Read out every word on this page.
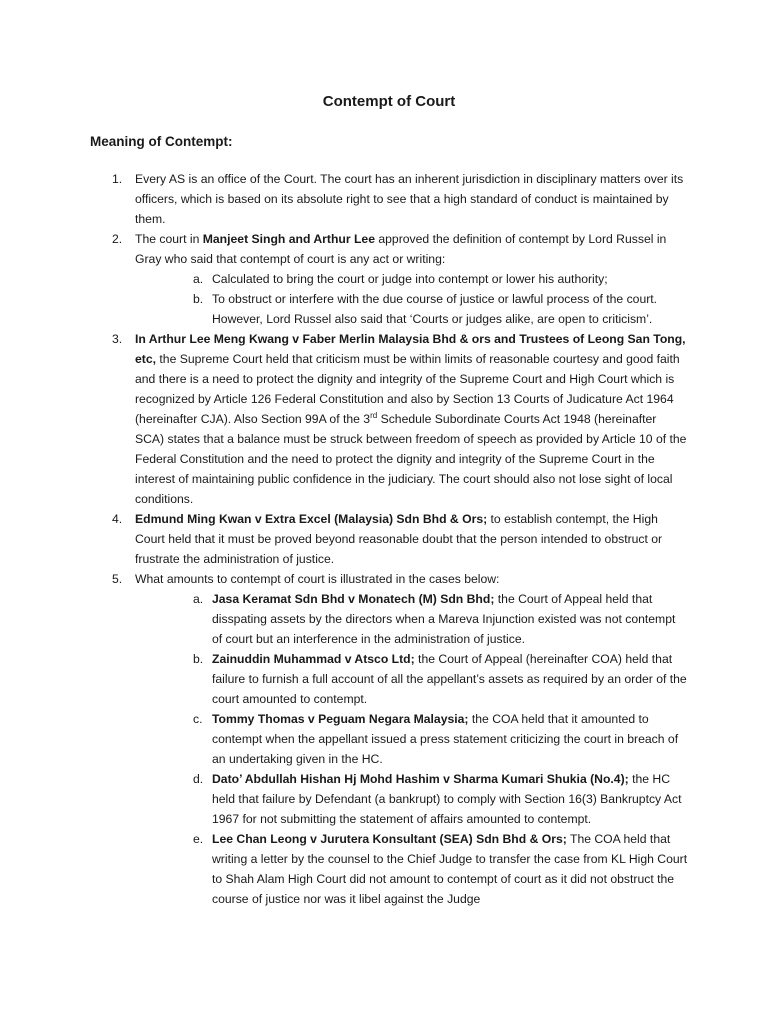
Contempt of Court
Meaning of Contempt:
1. Every AS is an office of the Court. The court has an inherent jurisdiction in disciplinary matters over its officers, which is based on its absolute right to see that a high standard of conduct is maintained by them.
2. The court in Manjeet Singh and Arthur Lee approved the definition of contempt by Lord Russel in Gray who said that contempt of court is any act or writing:
a. Calculated to bring the court or judge into contempt or lower his authority;
b. To obstruct or interfere with the due course of justice or lawful process of the court. However, Lord Russel also said that ‘Courts or judges alike, are open to criticism’.
3. In Arthur Lee Meng Kwang v Faber Merlin Malaysia Bhd & ors and Trustees of Leong San Tong, etc, the Supreme Court held that criticism must be within limits of reasonable courtesy and good faith and there is a need to protect the dignity and integrity of the Supreme Court and High Court which is recognized by Article 126 Federal Constitution and also by Section 13 Courts of Judicature Act 1964 (hereinafter CJA). Also Section 99A of the 3rd Schedule Subordinate Courts Act 1948 (hereinafter SCA) states that a balance must be struck between freedom of speech as provided by Article 10 of the Federal Constitution and the need to protect the dignity and integrity of the Supreme Court in the interest of maintaining public confidence in the judiciary. The court should also not lose sight of local conditions.
4. Edmund Ming Kwan v Extra Excel (Malaysia) Sdn Bhd & Ors; to establish contempt, the High Court held that it must be proved beyond reasonable doubt that the person intended to obstruct or frustrate the administration of justice.
5. What amounts to contempt of court is illustrated in the cases below:
a. Jasa Keramat Sdn Bhd v Monatech (M) Sdn Bhd; the Court of Appeal held that disspating assets by the directors when a Mareva Injunction existed was not contempt of court but an interference in the administration of justice.
b. Zainuddin Muhammad v Atsco Ltd; the Court of Appeal (hereinafter COA) held that failure to furnish a full account of all the appellant’s assets as required by an order of the court amounted to contempt.
c. Tommy Thomas v Peguam Negara Malaysia; the COA held that it amounted to contempt when the appellant issued a press statement criticizing the court in breach of an undertaking given in the HC.
d. Dato’ Abdullah Hishan Hj Mohd Hashim v Sharma Kumari Shukia (No.4); the HC held that failure by Defendant (a bankrupt) to comply with Section 16(3) Bankruptcy Act 1967 for not submitting the statement of affairs amounted to contempt.
e. Lee Chan Leong v Jurutera Konsultant (SEA) Sdn Bhd & Ors; The COA held that writing a letter by the counsel to the Chief Judge to transfer the case from KL High Court to Shah Alam High Court did not amount to contempt of court as it did not obstruct the course of justice nor was it libel against the Judge
